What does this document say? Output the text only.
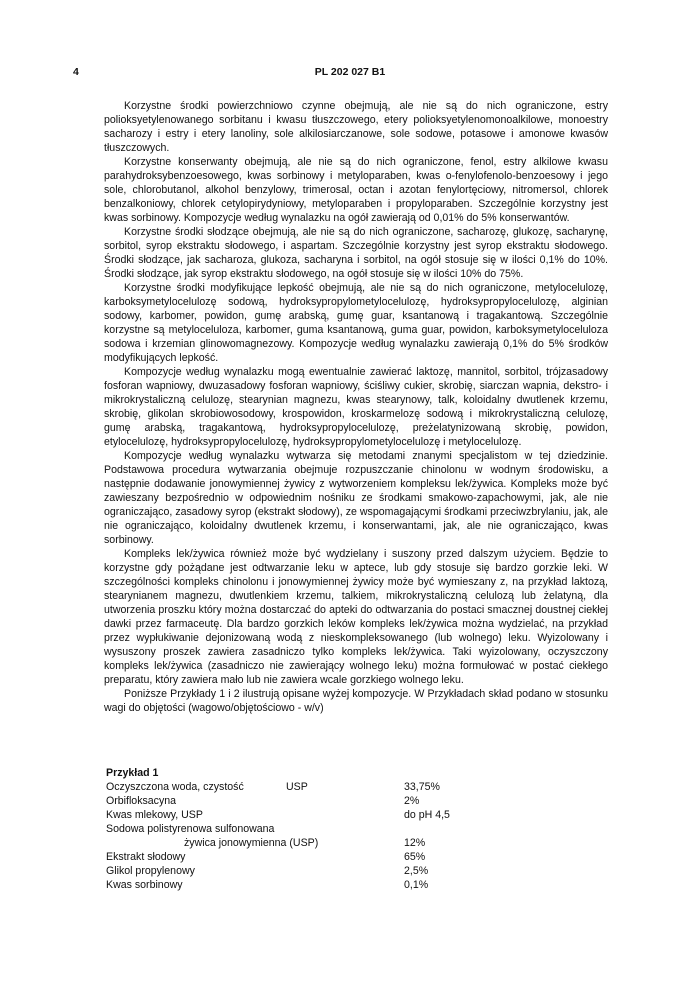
4	PL 202 027 B1

Korzystne środki powierzchniowo czynne obejmują, ale nie są do nich ograniczone, estry polioksyetylenowanego sorbitanu i kwasu tłuszczowego, etery polioksyetylenomonoalkilowe, monoestry sacharozy i estry i etery lanoliny, sole alkilosiarczanowe, sole sodowe, potasowe i amonowe kwasów tłuszczowych.

Korzystne konserwanty obejmują, ale nie są do nich ograniczone, fenol, estry alkilowe kwasu parahydroksybenzoesowego, kwas sorbinowy i metyloparaben, kwas o-fenylofenolo-benzoesowy i jego sole, chlorobutanol, alkohol benzylowy, trimerosal, octan i azotan fenylortęciowy, nitromersol, chlorek benzalkoniowy, chlorek cetylopirydyniowy, metyloparaben i propyloparaben. Szczególnie korzystny jest kwas sorbinowy. Kompozycje według wynalazku na ogół zawierają od 0,01% do 5% konserwantów.

Korzystne środki słodzące obejmują, ale nie są do nich ograniczone, sacharozę, glukozę, sacharynę, sorbitol, syrop ekstraktu słodowego, i aspartam. Szczególnie korzystny jest syrop ekstraktu słodowego. Środki słodzące, jak sacharoza, glukoza, sacharyna i sorbitol, na ogół stosuje się w ilości 0,1% do 10%. Środki słodzące, jak syrop ekstraktu słodowego, na ogół stosuje się w ilości 10% do 75%.

Korzystne środki modyfikujące lepkość obejmują, ale nie są do nich ograniczone, metylocelulozę, karboksymetylocelulozę sodową, hydroksypropylometylocelulozę, hydroksypropylocelulozę, alginian sodowy, karbomer, powidon, gumę arabską, gumę guar, ksantanową i tragakantową. Szczególnie korzystne są metyloceluloza, karbomer, guma ksantanową, guma guar, powidon, karboksymetyloceluloza sodowa i krzemian glinowomagnezowy. Kompozycje według wynalazku zawierają 0,1% do 5% środków modyfikujących lepkość.

Kompozycje według wynalazku mogą ewentualnie zawierać laktozę, mannitol, sorbitol, trójzasadowy fosforan wapniowy, dwuzasadowy fosforan wapniowy, ściśliwy cukier, skrobię, siarczan wapnia, dekstro- i mikrokrystaliczną celulozę, stearynian magnezu, kwas stearynowy, talk, koloidalny dwutlenek krzemu, skrobię, glikolan skrobiowosodowy, krospowidon, kroskarmelozę sodową i mikrokrystaliczną celulozę, gumę arabską, tragakantową, hydroksypropylocelulozę, preżelatynizowaną skrobię, powidon, etylocelulozę, hydroksypropylocelulozę, hydroksypropylometylocelulozę i metylocelulozę.

Kompozycje według wynalazku wytwarza się metodami znanymi specjalistom w tej dziedzinie. Podstawowa procedura wytwarzania obejmuje rozpuszczanie chinolonu w wodnym środowisku, a następnie dodawanie jonowymiennej żywicy z wytworzeniem kompleksu lek/żywica. Kompleks może być zawieszany bezpośrednio w odpowiednim nośniku ze środkami smakowo-zapachowymi, jak, ale nie ograniczająco, zasadowy syrop (ekstrakt słodowy), ze wspomagającymi środkami przeciwzbrylaniu, jak, ale nie ograniczająco, koloidalny dwutlenek krzemu, i konserwantami, jak, ale nie ograniczająco, kwas sorbinowy.

Kompleks lek/żywica również może być wydzielany i suszony przed dalszym użyciem. Będzie to korzystne gdy pożądane jest odtwarzanie leku w aptece, lub gdy stosuje się bardzo gorzkie leki. W szczególności kompleks chinolonu i jonowymiennej żywicy może być wymieszany z, na przykład laktozą, stearynianem magnezu, dwutlenkiem krzemu, talkiem, mikrokrystaliczną celulozą lub żelatyną, dla utworzenia proszku który można dostarczać do apteki do odtwarzania do postaci smacznej doustnej ciekłej dawki przez farmaceutę. Dla bardzo gorzkich leków kompleks lek/żywica można wydzielać, na przykład przez wypłukiwanie dejonizowaną wodą z nieskompleksowanego (lub wolnego) leku. Wyizolowany i wysuszony proszek zawiera zasadniczo tylko kompleks lek/żywica. Taki wyizolowany, oczyszczony kompleks lek/żywica (zasadniczo nie zawierający wolnego leku) można formułować w postać ciekłego preparatu, który zawiera mało lub nie zawiera wcale gorzkiego wolnego leku.

Poniższe Przykłady 1 i 2 ilustrują opisane wyżej kompozycje. W Przykładach skład podano w stosunku wagi do objętości (wagowo/objętościowo - w/v)

Przykład 1
Oczyszczona woda, czystość	USP	33,75%
Orbifloksacyna	2%
Kwas mlekowy, USP	do pH 4,5
Sodowa polistyrenowa sulfonowana
żywica jonowymienna (USP)	12%
Ekstrakt słodowy	65%
Glikol propylenowy	2,5%
Kwas sorbinowy	0,1%
